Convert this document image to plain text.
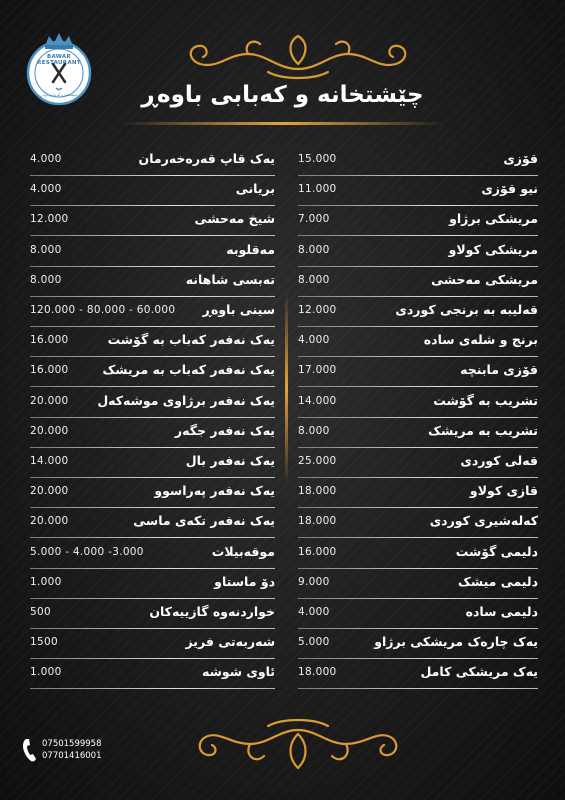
BAWAR RESTAURANT
جيشتخانه و كه بابي باوه ر	چێشتخانه و كەبابى باوەڕ
يەک قاپ قەرەخەرمان
4.000
بريانى
4.000
شيخ مەحشى
12.000
مەقلوبە
8.000
تەبسى شاهانە
8.000
سينى باوەڕ
120.000 - 80.000 - 60.000
يەک نەفەر كەباب بە گۆشت
16.000
يەک نەفەر كەباب بە مريشک
16.000
يەک نەفەر برژاوى موشەكەل
20.000
يەک نەفەر جگەر
20.000
يەک نەفەر بال
14.000
يەک نەفەر پەراسوو
20.000
يەک نەفەر تكەى ماسى
20.000
موقەبيلات
5.000 - 4.000 -3.000
دۆ ماستاو
1.000
خواردنەوە گازييەكان
500
شەربەتى فريز
1500
ئاوى شوشە
1.000
قۆزى
15.000
نيو قۆزى
11.000
مريشكى برژاو
7.000
مريشكى كولاو
8.000
مريشكى مەحشى
8.000
قەليبە بە برنجى كوردى
12.000
برنج و شلەى سادە
4.000
قۆزى مابنچە
17.000
تشريب بە گۆشت
14.000
تشريب بە مريشک
8.000
قەلى كوردى
25.000
قازى كولاو
18.000
كەلەشيرى كوردى
18.000
دليمى گۆشت
16.000
دليمى ميشک
9.000
دليمى سادە
4.000
يەک چارەک مريشكى برژاو
5.000
يەک مريشكى كامل
18.000
07501599958
07701416001
